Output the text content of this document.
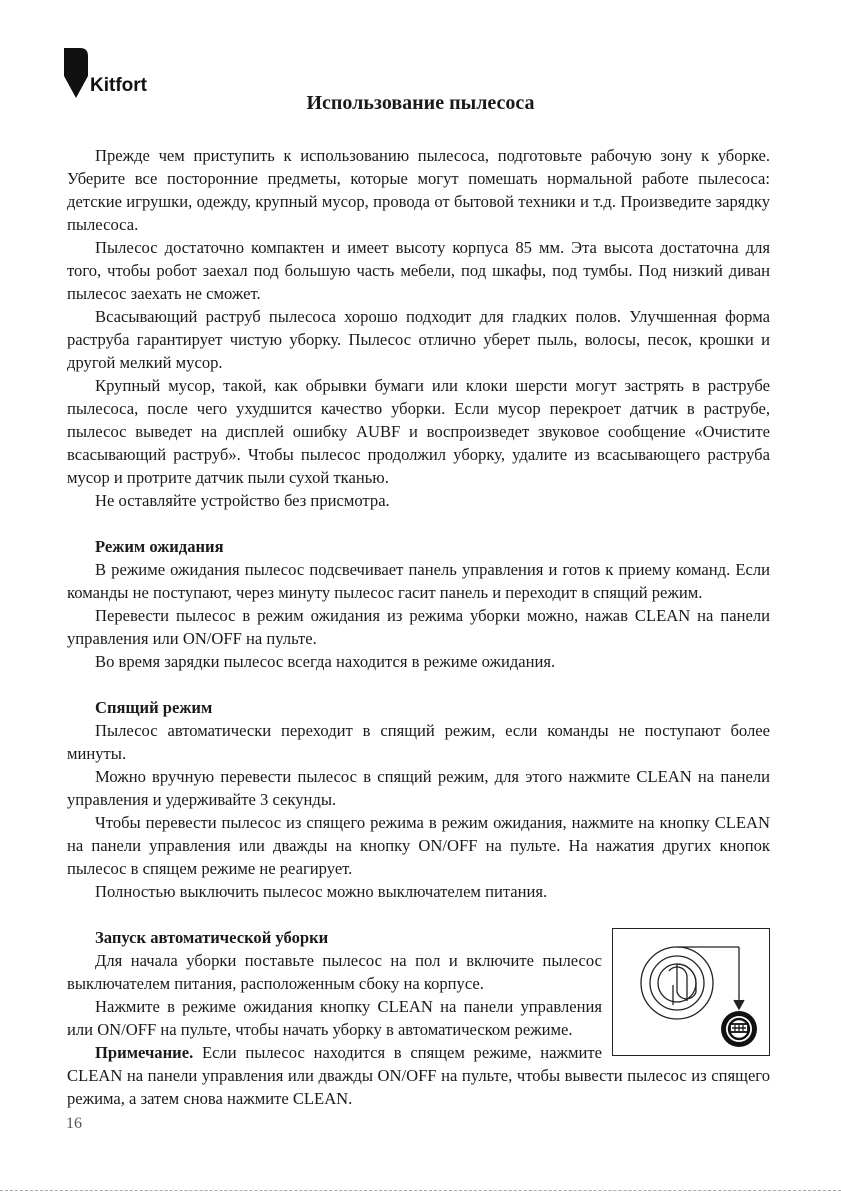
Kitfort
Использование пылесоса

Прежде чем приступить к использованию пылесоса, подготовьте рабочую зону к уборке. Уберите все посторонние предметы, которые могут помешать нормальной работе пылесоса: детские игрушки, одежду, крупный мусор, провода от бытовой техники и т.д. Произведите зарядку пылесоса.

Пылесос достаточно компактен и имеет высоту корпуса 85 мм. Эта высота достаточна для того, чтобы робот заехал под большую часть мебели, под шкафы, под тумбы. Под низкий диван пылесос заехать не сможет.

Всасывающий раструб пылесоса хорошо подходит для гладких полов. Улучшенная форма раструба гарантирует чистую уборку. Пылесос отлично уберет пыль, волосы, песок, крошки и другой мелкий мусор.

Крупный мусор, такой, как обрывки бумаги или клоки шерсти могут застрять в раструбе пылесоса, после чего ухудшится качество уборки. Если мусор перекроет датчик в раструбе, пылесос выведет на дисплей ошибку AUBF и воспроизведет звуковое сообщение «Очистите всасывающий раструб». Чтобы пылесос продолжил уборку, удалите из всасывающего раструба мусор и протрите датчик пыли сухой тканью.

Не оставляйте устройство без присмотра.

Режим ожидания

В режиме ожидания пылесос подсвечивает панель управления и готов к приему команд. Если команды не поступают, через минуту пылесос гасит панель и переходит в спящий режим.

Перевести пылесос в режим ожидания из режима уборки можно, нажав CLEAN на панели управления или ON/OFF на пульте.

Во время зарядки пылесос всегда находится в режиме ожидания.

Спящий режим

Пылесос автоматически переходит в спящий режим, если команды не поступают более минуты.

Можно вручную перевести пылесос в спящий режим, для этого нажмите CLEAN на панели управления и удерживайте 3 секунды.

Чтобы перевести пылесос из спящего режима в режим ожидания, нажмите на кнопку CLEAN на панели управления или дважды на кнопку ON/OFF на пульте. На нажатия других кнопок пылесос в спящем режиме не реагирует.

Полностью выключить пылесос можно выключателем питания.

Запуск автоматической уборки

Для начала уборки поставьте пылесос на пол и включите пылесос выключателем питания, расположенным сбоку на корпусе.

Нажмите в режиме ожидания кнопку CLEAN на панели управления или ON/OFF на пульте, чтобы начать уборку в автоматическом режиме.

Примечание. Если пылесос находится в спящем режиме, нажмите CLEAN на панели управления или дважды ON/OFF на пульте, чтобы вывести пылесос из спящего режима, а затем снова нажмите CLEAN.

16
